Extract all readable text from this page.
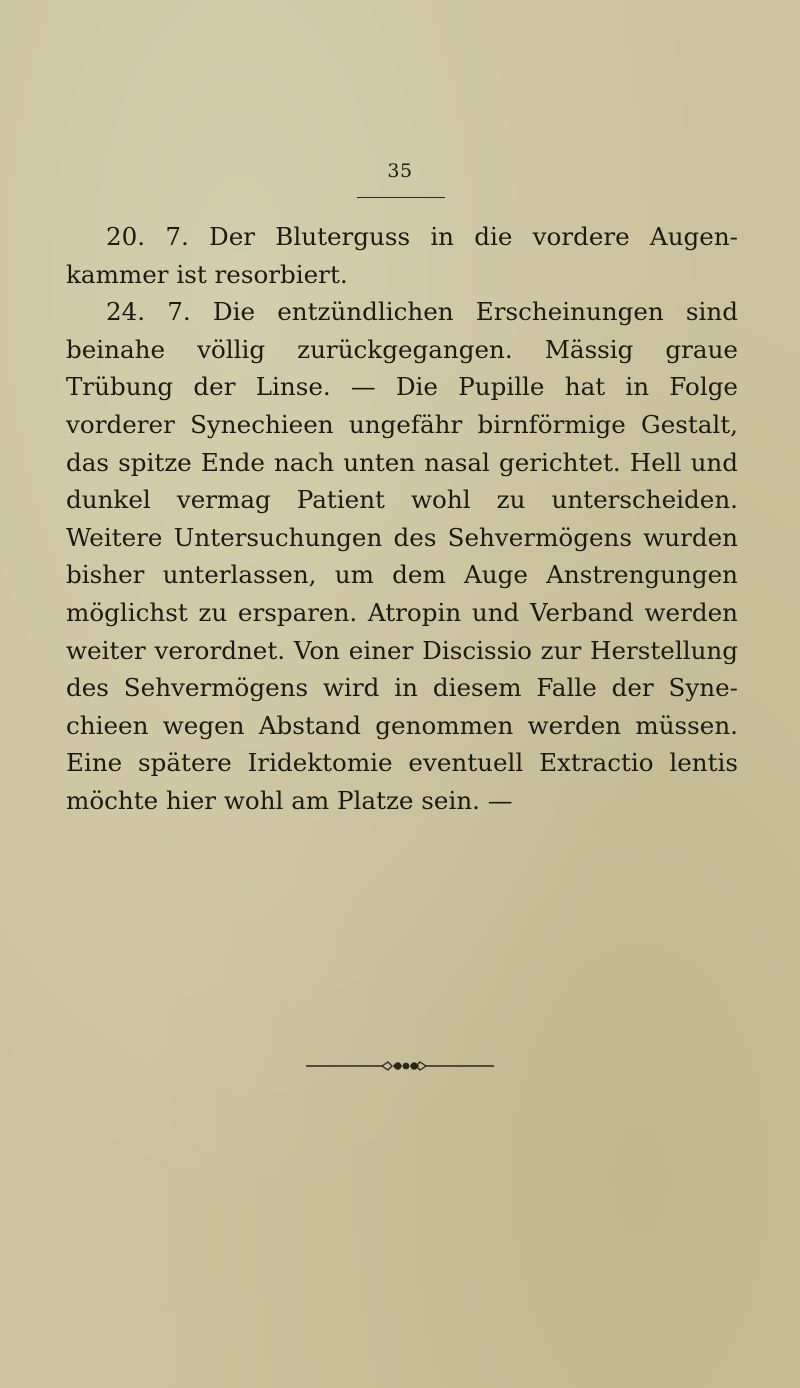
35

20. 7. Der Bluterguss in die vordere Augen-kammer ist resorbiert.

24. 7. Die entzündlichen Erscheinungen sind beinahe völlig zurückgegangen. Mässig graue Trübung der Linse. — Die Pupille hat in Folge vorderer Synechieen ungefähr birnförmige Gestalt, das spitze Ende nach unten nasal gerichtet. Hell und dunkel vermag Patient wohl zu unterscheiden. Weitere Untersuchungen des Sehvermögens wurden bisher unterlassen, um dem Auge Anstrengungen möglichst zu ersparen. Atropin und Verband werden weiter verordnet. Von einer Discissio zur Herstellung des Sehvermögens wird in diesem Falle der Syne-chieen wegen Abstand genommen werden müssen. Eine spätere Iridektomie eventuell Extractio lentis möchte hier wohl am Platze sein. —
